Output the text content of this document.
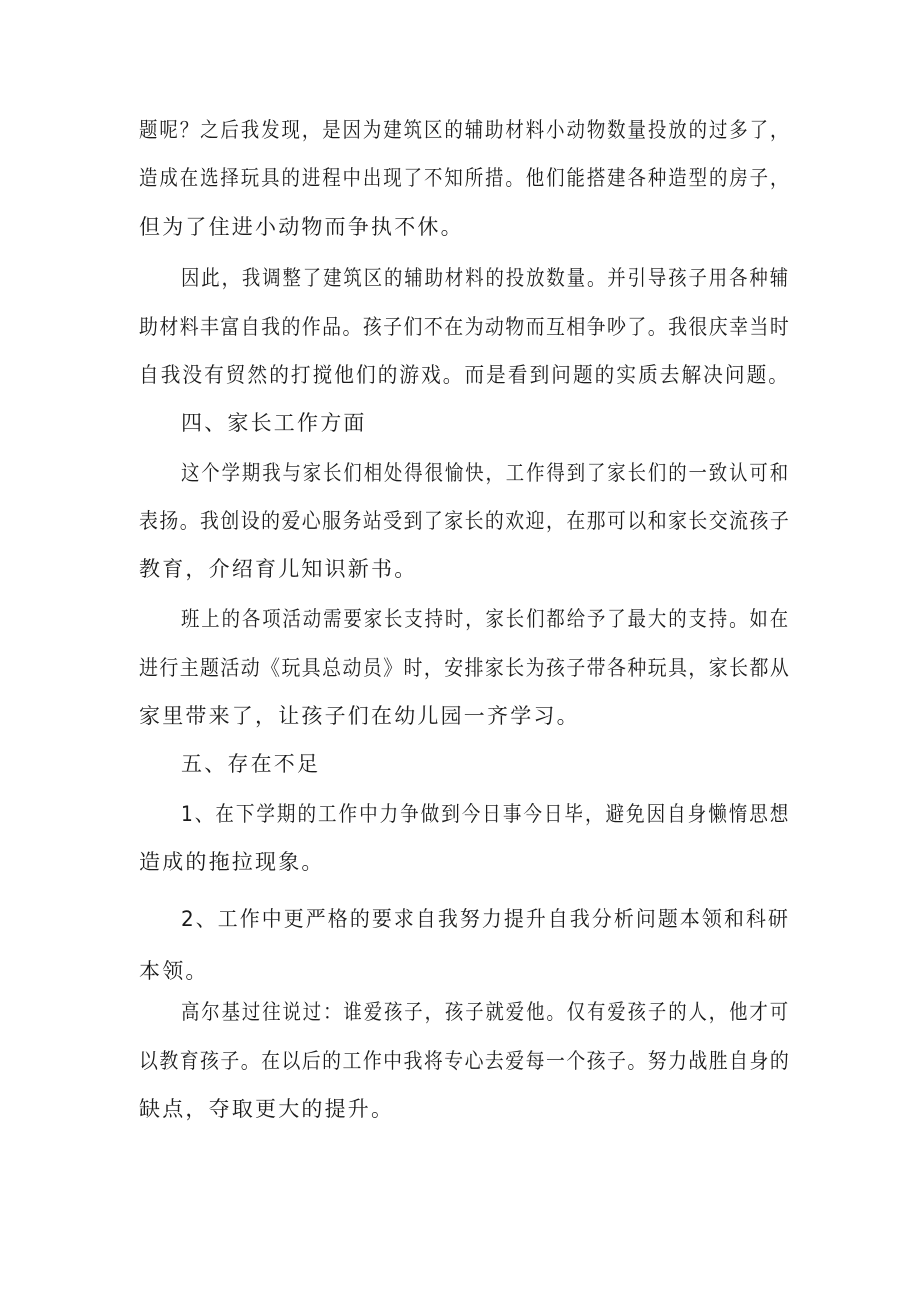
题呢？之后我发现，是因为建筑区的辅助材料小动物数量投放的过多了，
造成在选择玩具的进程中出现了不知所措。他们能搭建各种造型的房子，
但为了住进小动物而争执不休。
因此，我调整了建筑区的辅助材料的投放数量。并引导孩子用各种辅
助材料丰富自我的作品。孩子们不在为动物而互相争吵了。我很庆幸当时
自我没有贸然的打搅他们的游戏。而是看到问题的实质去解决问题。
四、家长工作方面
这个学期我与家长们相处得很愉快，工作得到了家长们的一致认可和
表扬。我创设的爱心服务站受到了家长的欢迎，在那可以和家长交流孩子
教育，介绍育儿知识新书。
班上的各项活动需要家长支持时，家长们都给予了最大的支持。如在
进行主题活动《玩具总动员》时，安排家长为孩子带各种玩具，家长都从
家里带来了，让孩子们在幼儿园一齐学习。
五、存在不足
1、在下学期的工作中力争做到今日事今日毕，避免因自身懒惰思想
造成的拖拉现象。
2、工作中更严格的要求自我努力提升自我分析问题本领和科研
本领。
高尔基过往说过：谁爱孩子，孩子就爱他。仅有爱孩子的人，他才可
以教育孩子。在以后的工作中我将专心去爱每一个孩子。努力战胜自身的
缺点，夺取更大的提升。
